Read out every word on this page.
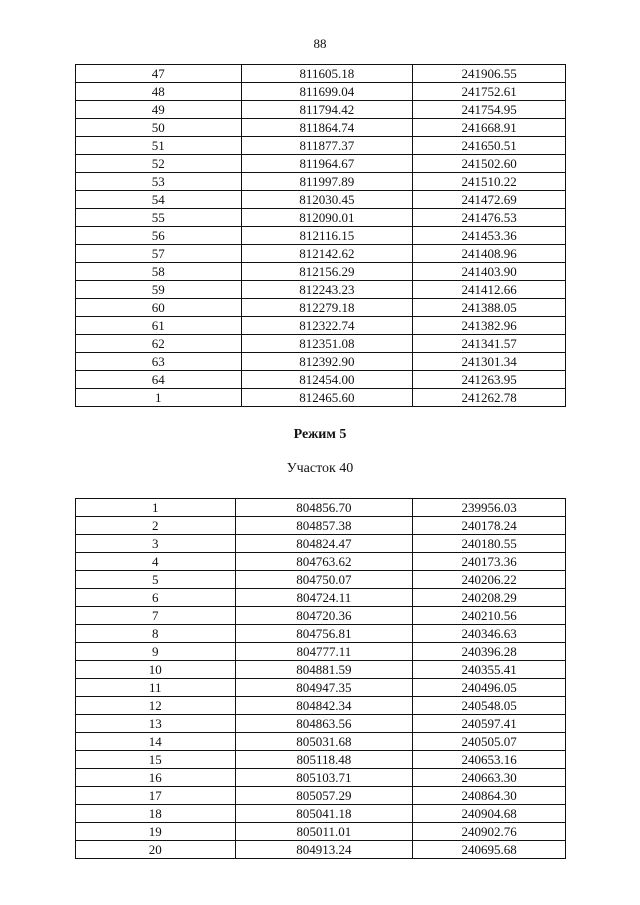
88
47	811605.18	241906.55
48	811699.04	241752.61
49	811794.42	241754.95
50	811864.74	241668.91
51	811877.37	241650.51
52	811964.67	241502.60
53	811997.89	241510.22
54	812030.45	241472.69
55	812090.01	241476.53
56	812116.15	241453.36
57	812142.62	241408.96
58	812156.29	241403.90
59	812243.23	241412.66
60	812279.18	241388.05
61	812322.74	241382.96
62	812351.08	241341.57
63	812392.90	241301.34
64	812454.00	241263.95
1	812465.60	241262.78
Режим 5
Участок 40
1	804856.70	239956.03
2	804857.38	240178.24
3	804824.47	240180.55
4	804763.62	240173.36
5	804750.07	240206.22
6	804724.11	240208.29
7	804720.36	240210.56
8	804756.81	240346.63
9	804777.11	240396.28
10	804881.59	240355.41
11	804947.35	240496.05
12	804842.34	240548.05
13	804863.56	240597.41
14	805031.68	240505.07
15	805118.48	240653.16
16	805103.71	240663.30
17	805057.29	240864.30
18	805041.18	240904.68
19	805011.01	240902.76
20	804913.24	240695.68
